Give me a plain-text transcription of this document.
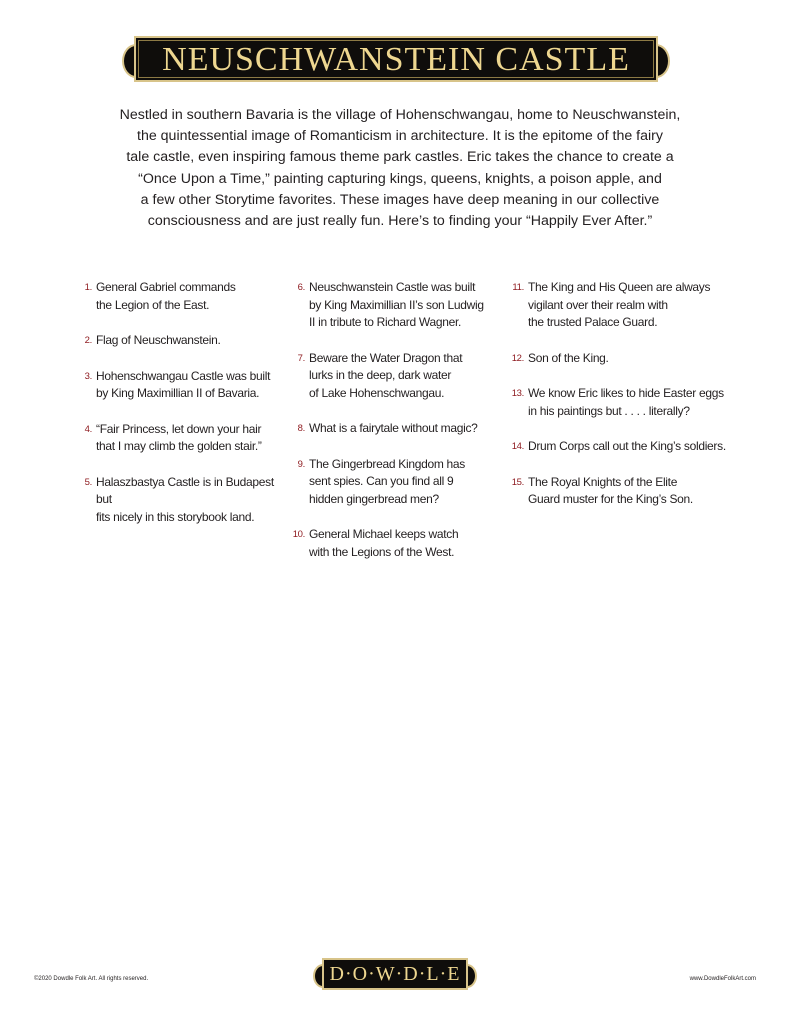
NEUSCHWANSTEIN CASTLE

Nestled in southern Bavaria is the village of Hohenschwangau, home to Neuschwanstein,

the quintessential image of Romanticism in architecture. It is the epitome of the fairy

tale castle, even inspiring famous theme park castles. Eric takes the chance to create a

“Once Upon a Time,” painting capturing kings, queens, knights, a poison apple, and

a few other Storytime favorites. These images have deep meaning in our collective

consciousness and are just really fun. Here’s to finding your “Happily Ever After.”

1. General Gabriel commands
the Legion of the East.
2. Flag of Neuschwanstein.
3. Hohenschwangau Castle was built
by King Maximillian II of Bavaria.
4. “Fair Princess, let down your hair
that I may climb the golden stair.”
5. Halaszbastya Castle is in Budapest but
fits nicely in this storybook land.
6. Neuschwanstein Castle was built
by King Maximillian II’s son Ludwig
II in tribute to Richard Wagner.
7. Beware the Water Dragon that
lurks in the deep, dark water
of Lake Hohenschwangau.
8. What is a fairytale without magic?
9. The Gingerbread Kingdom has
sent spies. Can you find all 9
hidden gingerbread men?
10. General Michael keeps watch
with the Legions of the West.
11. The King and His Queen are always
vigilant over their realm with
the trusted Palace Guard.
12. Son of the King.
13. We know Eric likes to hide Easter eggs
in his paintings but . . . . literally?
14. Drum Corps call out the King’s soldiers.
15. The Royal Knights of the Elite
Guard muster for the King’s Son.
©2020 Dowdle Folk Art. All rights reserved.	D·O·W·D·L·E	www.DowdleFolkArt.com
